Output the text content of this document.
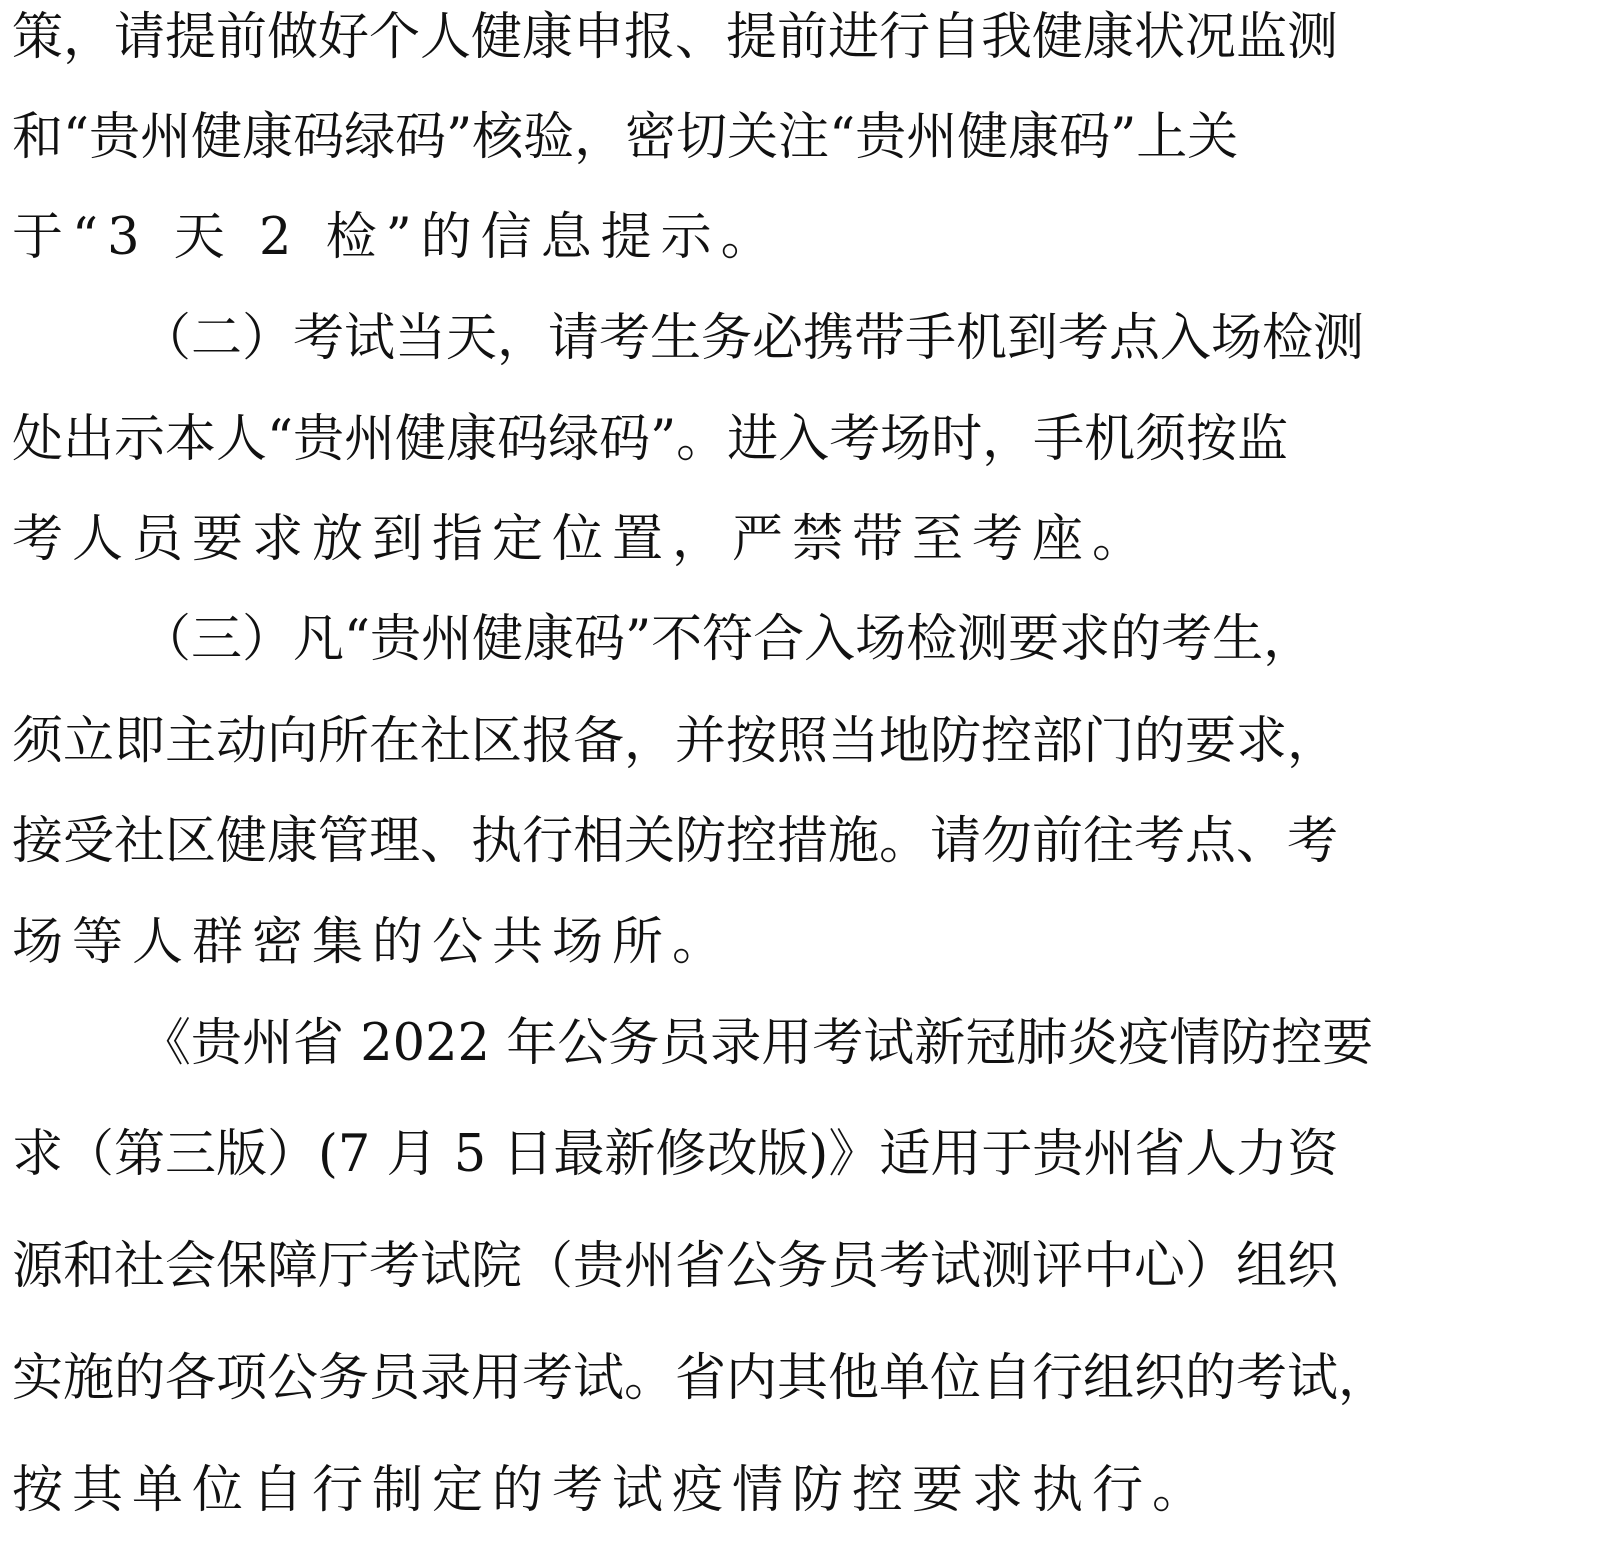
策，请提前做好个人健康申报、提前进行自我健康状况监测
和“贵州健康码绿码”核验，密切关注“贵州健康码”上关
于“3 天 2 检”的信息提示。
（二）考试当天，请考生务必携带手机到考点入场检测
处出示本人“贵州健康码绿码”。进入考场时，手机须按监
考人员要求放到指定位置，严禁带至考座。
（三）凡“贵州健康码”不符合入场检测要求的考生，
须立即主动向所在社区报备，并按照当地防控部门的要求，
接受社区健康管理、执行相关防控措施。请勿前往考点、考
场等人群密集的公共场所。
《贵州省 2022 年公务员录用考试新冠肺炎疫情防控要
求（第三版）(7 月 5 日最新修改版)》适用于贵州省人力资
源和社会保障厅考试院（贵州省公务员考试测评中心）组织
实施的各项公务员录用考试。省内其他单位自行组织的考试，
按其单位自行制定的考试疫情防控要求执行。
